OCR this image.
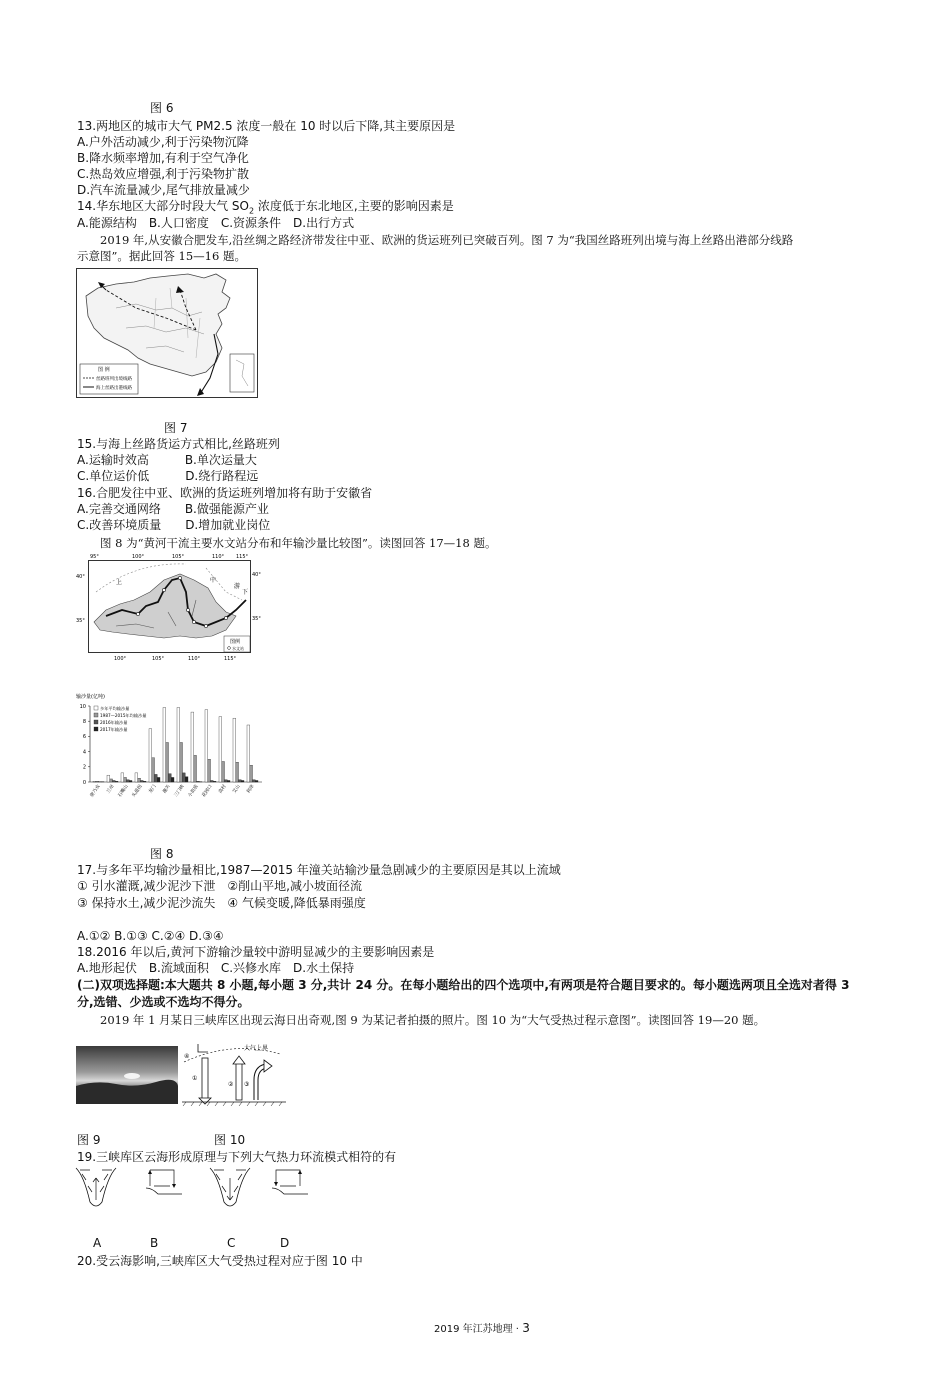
图 6
13.两地区的城市大气 PM2.5 浓度一般在 10 时以后下降,其主要原因是
A.户外活动减少,利于污染物沉降
B.降水频率增加,有利于空气净化
C.热岛效应增强,利于污染物扩散
D.汽车流量减少,尾气排放量减少
14.华东地区大部分时段大气 $SO_2$ 浓度低于东北地区,主要的影响因素是
A.能源结构　B.人口密度　C.资源条件　D.出行方式
2019 年,从安徽合肥发车,沿丝绸之路经济带发往中亚、欧洲的货运班列已突破百列。图 7 为“我国丝路班列出境与海上丝路出港部分线路
示意图”。据此回答 15—16 题。
图 例
丝路班列出境线路
海上丝路出港线路
图 7
15.与海上丝路货运方式相比,丝路班列
A.运输时效高　　　B.单次运量大
C.单位运价低　　　D.绕行路程远
16.合肥发往中亚、欧洲的货运班列增加将有助于安徽省
A.完善交通网络　　B.做强能源产业
C.改善环境质量　　D.增加就业岗位
图 8 为“黄河干流主要水文站分布和年输沙量比较图”。读图回答 17—18 题。
95°	100°	105°	110° 115°
40°
35°
40°
35°
上	中
下
游
图例
水文站
100°	105°	110°	115°
输沙量(亿吨)
0
2
4
6
8
10
唐乃亥	兰州 石嘴山 头道拐	龙门	潼关 三门峡 小浪底 花园口	高村	艾山	利津
多年平均输沙量
1987—2015年均输沙量
2016年输沙量
2017年输沙量
图 8
17.与多年平均输沙量相比,1987—2015 年潼关站输沙量急剧减少的主要原因是其以上流域
① 引水灌溉,减少泥沙下泄　②削山平地,减小坡面径流
③ 保持水土,减少泥沙流失　④ 气候变暖,降低暴雨强度
A.①② B.①③ C.②④ D.③④
18.2016 年以后,黄河下游输沙量较中游明显减少的主要影响因素是
A.地形起伏　B.流域面积　C.兴修水库　D.水土保持
(二)双项选择题:本大题共 8 小题,每小题 3 分,共计 24 分。在每小题给出的四个选项中,有两项是符合题目要求的。每小题选两项且全选对者得 3
分,选错、少选或不选均不得分。
2019 年 1 月某日三峡库区出现云海日出奇观,图 9 为某记者拍摄的照片。图 10 为“大气受热过程示意图”。读图回答 19—20 题。
大气上界
④
①
② ③
图 9	图 10
19.三峡库区云海形成原理与下列大气热力环流模式相符的有
A	B	C	D
20.受云海影响,三峡库区大气受热过程对应于图 10 中
2019 年江苏地理 · 3
